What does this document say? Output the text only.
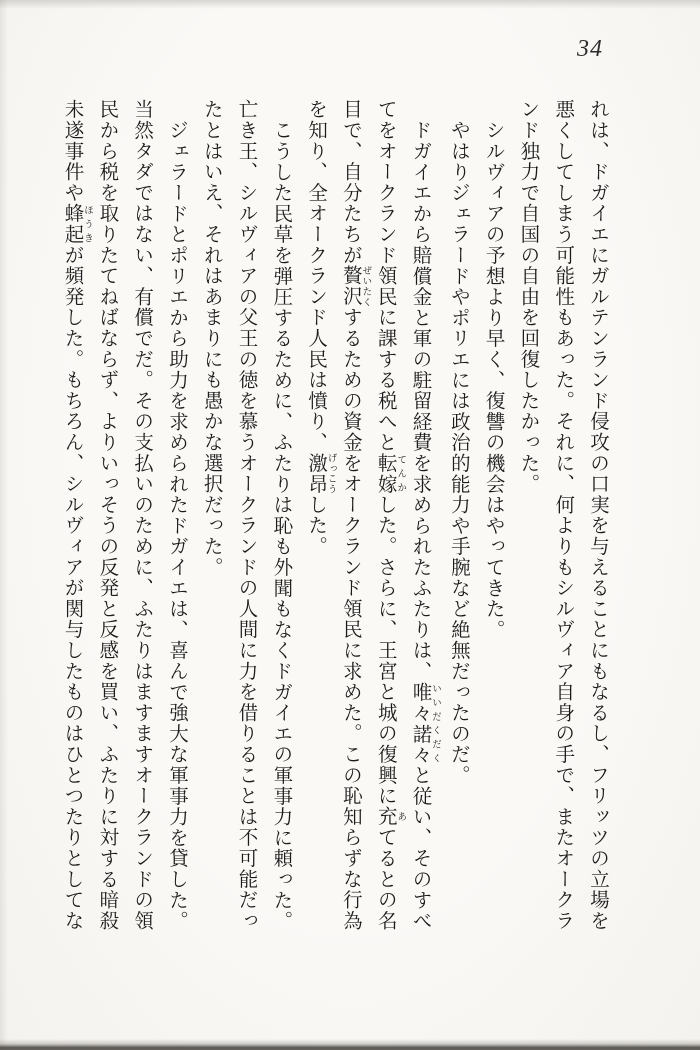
34

れは、ドガイエにガルテンランド侵攻の口実を与えることにもなるし、フリッツの立場を悪くしてしまう可能性もあった。それに、何よりもシルヴィア自身の手で、またオークランド独力で自国の自由を回復したかった。

シルヴィアの予想より早く、復讐の機会はやってきた。

やはりジェラードやポリエには政治的能力や手腕など絶無だったのだ。

ドガイエから賠償金と軍の駐留経費を求められたふたりは、唯々諾々 いいだくだくと従い、そのすべてをオークランド領民に課する税へと転嫁 てんかした。さらに、王宮と城の復興に充 あてるとの名目で、自分たちが贅沢 ぜいたくするための資金をオークランド領民に求めた。この恥知らずな行為を知り、全オークランド人民は憤り、激昂 げっこうした。

こうした民草を弾圧するために、ふたりは恥も外聞もなくドガイエの軍事力に頼った。亡き王、シルヴィアの父王の徳を慕うオークランドの人間に力を借りることは不可能だったとはいえ、それはあまりにも愚かな選択だった。

ジェラードとポリエから助力を求められたドガイエは、喜んで強大な軍事力を貸した。当然タダではない、有償でだ。その支払いのために、ふたりはますますオークランドの領民から税を取りたてねばならず、よりいっそうの反発と反感を買い、ふたりに対する暗殺未遂事件や蜂起 ほうきが頻発した。もちろん、シルヴィアが関与したものはひとつたりとしてな
